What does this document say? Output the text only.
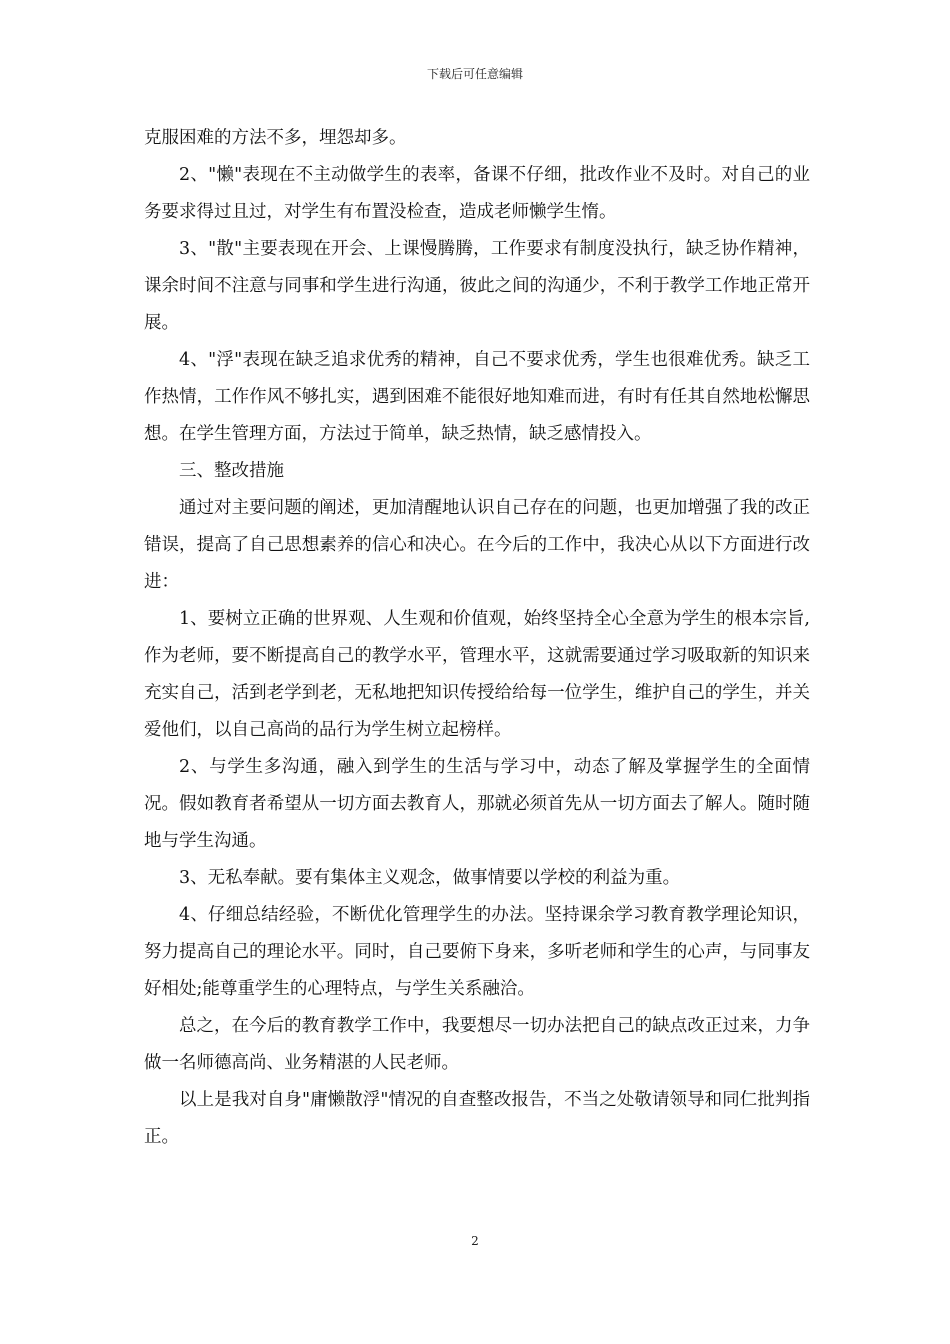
下载后可任意编辑

克服困难的方法不多，埋怨却多。

2、"懒"表现在不主动做学生的表率，备课不仔细，批改作业不及时。对自己的业务要求得过且过，对学生有布置没检查，造成老师懒学生惰。

3、"散"主要表现在开会、上课慢腾腾，工作要求有制度没执行，缺乏协作精神，课余时间不注意与同事和学生进行沟通，彼此之间的沟通少，不利于教学工作地正常开展。

4、"浮"表现在缺乏追求优秀的精神，自己不要求优秀，学生也很难优秀。缺乏工作热情，工作作风不够扎实，遇到困难不能很好地知难而进，有时有任其自然地松懈思想。在学生管理方面，方法过于简单，缺乏热情，缺乏感情投入。

三、整改措施

通过对主要问题的阐述，更加清醒地认识自己存在的问题，也更加增强了我的改正错误，提高了自己思想素养的信心和决心。在今后的工作中，我决心从以下方面进行改进：

1、要树立正确的世界观、人生观和价值观，始终坚持全心全意为学生的根本宗旨,作为老师，要不断提高自己的教学水平，管理水平，这就需要通过学习吸取新的知识来充实自己，活到老学到老，无私地把知识传授给给每一位学生，维护自己的学生，并关爱他们，以自己高尚的品行为学生树立起榜样。

2、与学生多沟通，融入到学生的生活与学习中，动态了解及掌握学生的全面情况。假如教育者希望从一切方面去教育人，那就必须首先从一切方面去了解人。随时随地与学生沟通。

3、无私奉献。要有集体主义观念，做事情要以学校的利益为重。

4、仔细总结经验，不断优化管理学生的办法。坚持课余学习教育教学理论知识，努力提高自己的理论水平。同时，自己要俯下身来，多听老师和学生的心声，与同事友好相处;能尊重学生的心理特点，与学生关系融洽。

总之，在今后的教育教学工作中，我要想尽一切办法把自己的缺点改正过来，力争做一名师德高尚、业务精湛的人民老师。

以上是我对自身"庸懒散浮"情况的自查整改报告，不当之处敬请领导和同仁批判指正。

2
